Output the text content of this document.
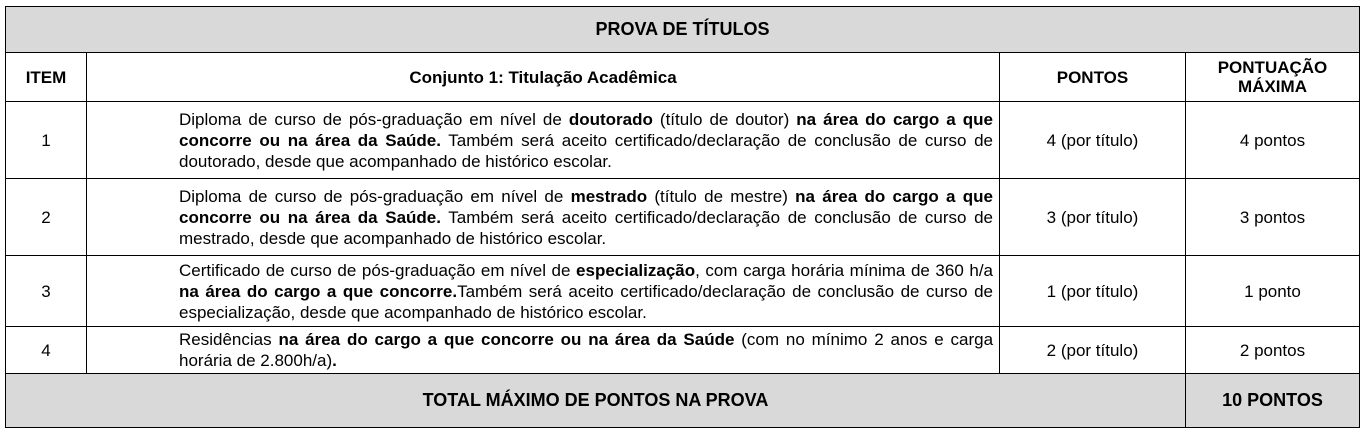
PROVA DE TÍTULOS			
ITEM	Conjunto 1: Titulação Acadêmica	PONTOS	PONTUAÇÃO
MÁXIMA

1	Diploma de curso de pós-graduação em nível de doutorado (título de doutor) na área do cargo a que concorre ou na área da Saúde. Também será aceito certificado/declaração de conclusão de curso de doutorado, desde que acompanhado de histórico escolar.	4 (por título)	4 pontos
2	Diploma de curso de pós-graduação em nível de mestrado (título de mestre) na área do cargo a que concorre ou na área da Saúde. Também será aceito certificado/declaração de conclusão de curso de mestrado, desde que acompanhado de histórico escolar.	3 (por título)	3 pontos
3	Certificado de curso de pós-graduação em nível de especialização, com carga horária mínima de 360 h/a na área do cargo a que concorre.Também será aceito certificado/declaração de conclusão de curso de especialização, desde que acompanhado de histórico escolar.	1 (por título)	1 ponto
4	Residências na área do cargo a que concorre ou na área da Saúde (com no mínimo 2 anos e carga horária de 2.800h/a).	2 (por título)	2 pontos
TOTAL MÁXIMO DE PONTOS NA PROVA			10 PONTOS
